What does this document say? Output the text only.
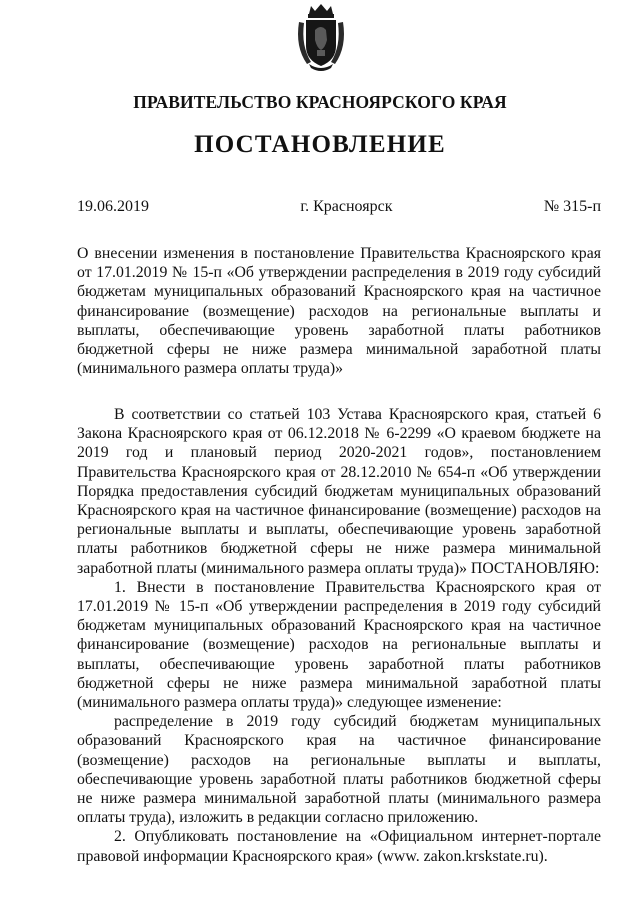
ПРАВИТЕЛЬСТВО КРАСНОЯРСКОГО КРАЯ
ПОСТАНОВЛЕНИЕ
19.06.2019	г. Красноярск	№ 315-п

О внесении изменения в постановление Правительства Красноярского края от 17.01.2019 № 15-п «Об утверждении распределения в 2019 году субсидий бюджетам муниципальных образований Красноярского края на частичное финансирование (возмещение) расходов на региональные выплаты и выплаты, обеспечивающие уровень заработной платы работников бюджетной сферы не ниже размера минимальной заработной платы (минимального размера оплаты труда)»

В соответствии со статьей 103 Устава Красноярского края, статьей 6 Закона Красноярского края от 06.12.2018 № 6-2299 «О краевом бюджете на 2019 год и плановый период 2020-2021 годов», постановлением Правительства Красноярского края от 28.12.2010 № 654-п «Об утверждении Порядка предоставления субсидий бюджетам муниципальных образований Красноярского края на частичное финансирование (возмещение) расходов на региональные выплаты и выплаты, обеспечивающие уровень заработной платы работников бюджетной сферы не ниже размера минимальной заработной платы (минимального размера оплаты труда)» ПОСТАНОВЛЯЮ:

1. Внести в постановление Правительства Красноярского края от 17.01.2019 № 15-п «Об утверждении распределения в 2019 году субсидий бюджетам муниципальных образований Красноярского края на частичное финансирование (возмещение) расходов на региональные выплаты и выплаты, обеспечивающие уровень заработной платы работников бюджетной сферы не ниже размера минимальной заработной платы (минимального размера оплаты труда)» следующее изменение:

распределение в 2019 году субсидий бюджетам муниципальных образований Красноярского края на частичное финансирование (возмещение) расходов на региональные выплаты и выплаты, обеспечивающие уровень заработной платы работников бюджетной сферы не ниже размера минимальной заработной платы (минимального размера оплаты труда), изложить в редакции согласно приложению.

2. Опубликовать постановление на «Официальном интернет-портале правовой информации Красноярского края» (www. zakon.krskstate.ru).
